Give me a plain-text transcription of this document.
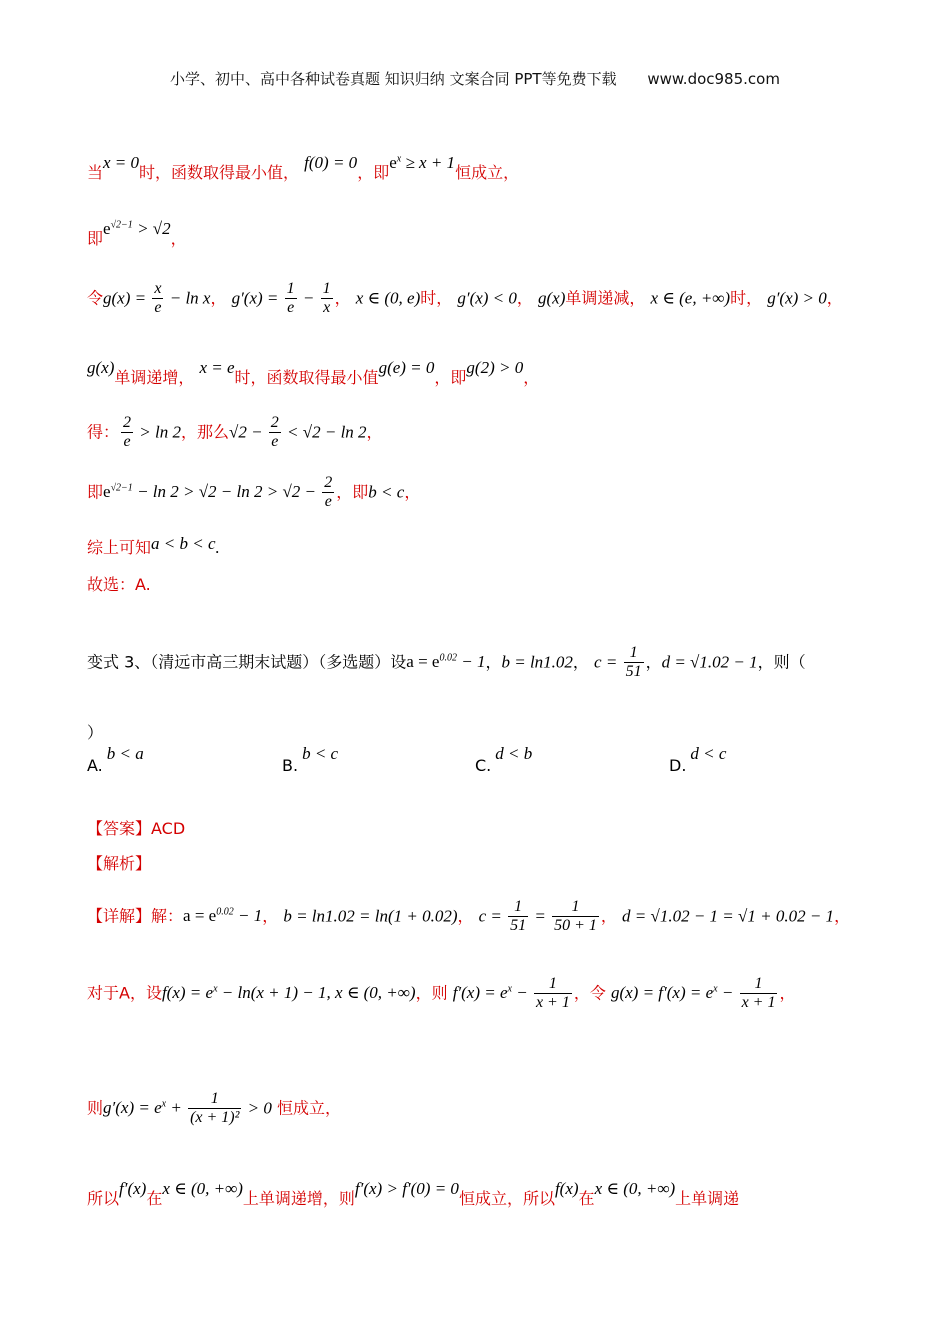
小学、初中、高中各种试卷真题 知识归纳 文案合同 PPT等免费下载 www.doc985.com
当x = 0时，函数取得最小值， f(0) = 0，即$e^x \ge x + 1$恒成立，
即$e^{√2-1} > √2$，
令$g(x) = \frac{x}{e} - \ln x$， $g'(x) = \frac{1}{e} - \frac{1}{x}$ ， x ∈ (0, e)时， g′(x) < 0， g(x)单调递减， x ∈ (e, +∞)时， g′(x) > 0，
g(x)单调递增， x = e时，函数取得最小值g(e) = 0，即g(2) > 0，
得： $\frac{2}{e} > \ln 2$，那么$√2 - \frac{2}{e} < √2 - \ln 2$，
即$e^{√2-1} - \ln 2 > √2 - \ln 2 > √2 - \frac{2}{e}$ ，即b < c，
综上可知a < b < c.
故选：A.
变式 3、（清远市高三期末试题）（多选题）设$a = e^{0.02} - 1$，b = ln1.02， $c = \frac{1}{51}$ ，d = √1.02 − 1，则（
）
A.b < a
B.b < c
C.d < b
D.d < c
【答案】ACD
【解析】
【详解】解：$a = e^{0.02} - 1$， b = ln1.02 = ln(1 + 0.02)， $c = \frac{1}{51} = \frac{1}{50 + 1}$ ， d = √1.02 − 1 = √1 + 0.02 − 1，
对于A，设$f(x) = e^x - \ln(x + 1) - 1$, x ∈ (0, +∞)，则 $f'(x) = e^x - \frac{1}{x + 1}$ ，令 $g(x) = f'(x) = e^x - \frac{1}{x + 1}$ ，
则$g'(x) = e^x + \frac{1}{\text{(x + 1)²}} > 0$ 恒成立，
所以f′(x)在x ∈ (0, +∞)上单调递增，则f′(x) > f′(0) = 0恒成立，所以f(x)在x ∈ (0, +∞)上单调递
